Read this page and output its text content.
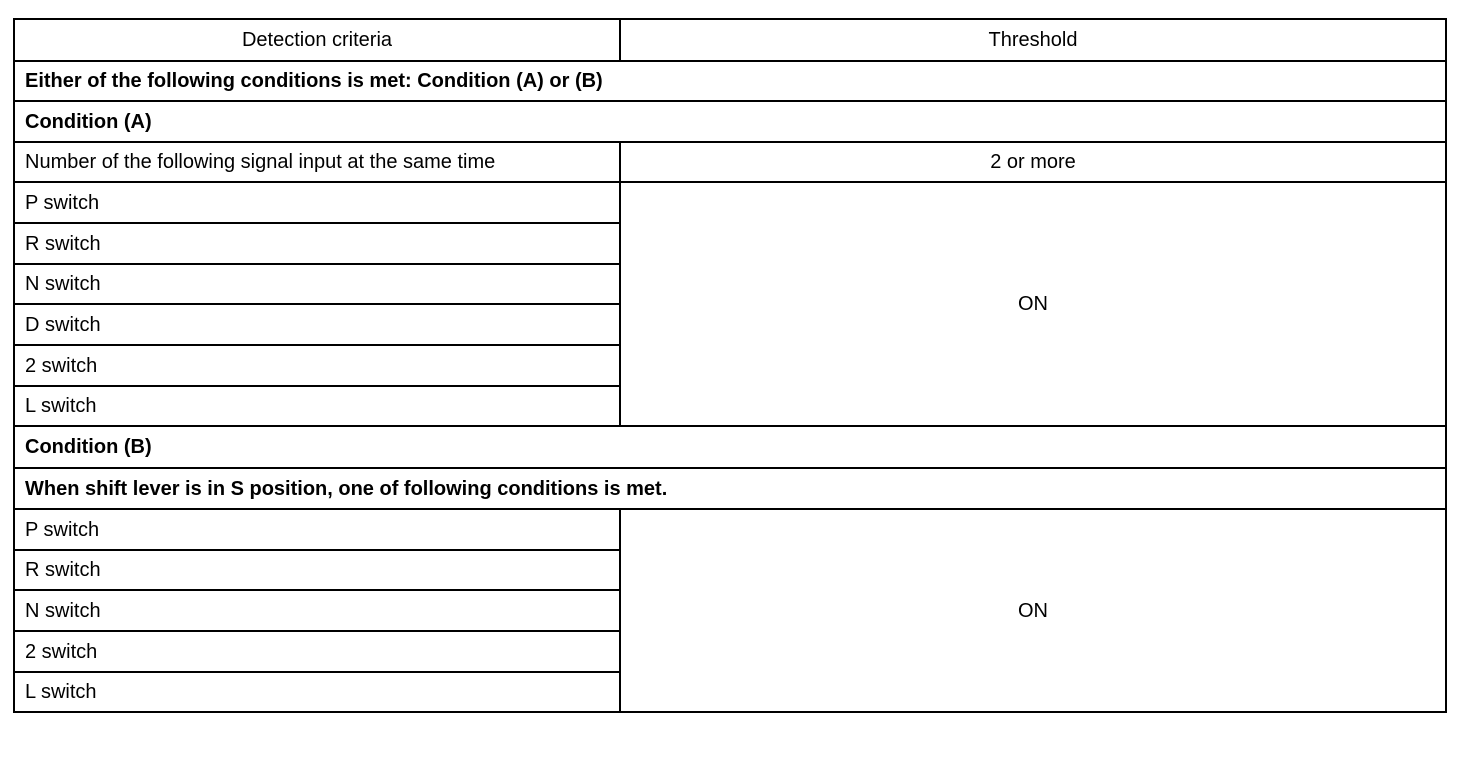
Detection criteria	Threshold
Either of the following conditions is met: Condition (A) or (B)	
Condition (A)	
Number of the following signal input at the same time	2 or more
P switch	ON
R switch	
N switch	
D switch	
2 switch	
L switch	
Condition (B)	
When shift lever is in S position, one of following conditions is met.	
P switch	ON
R switch	
N switch	
2 switch	
L switch	
